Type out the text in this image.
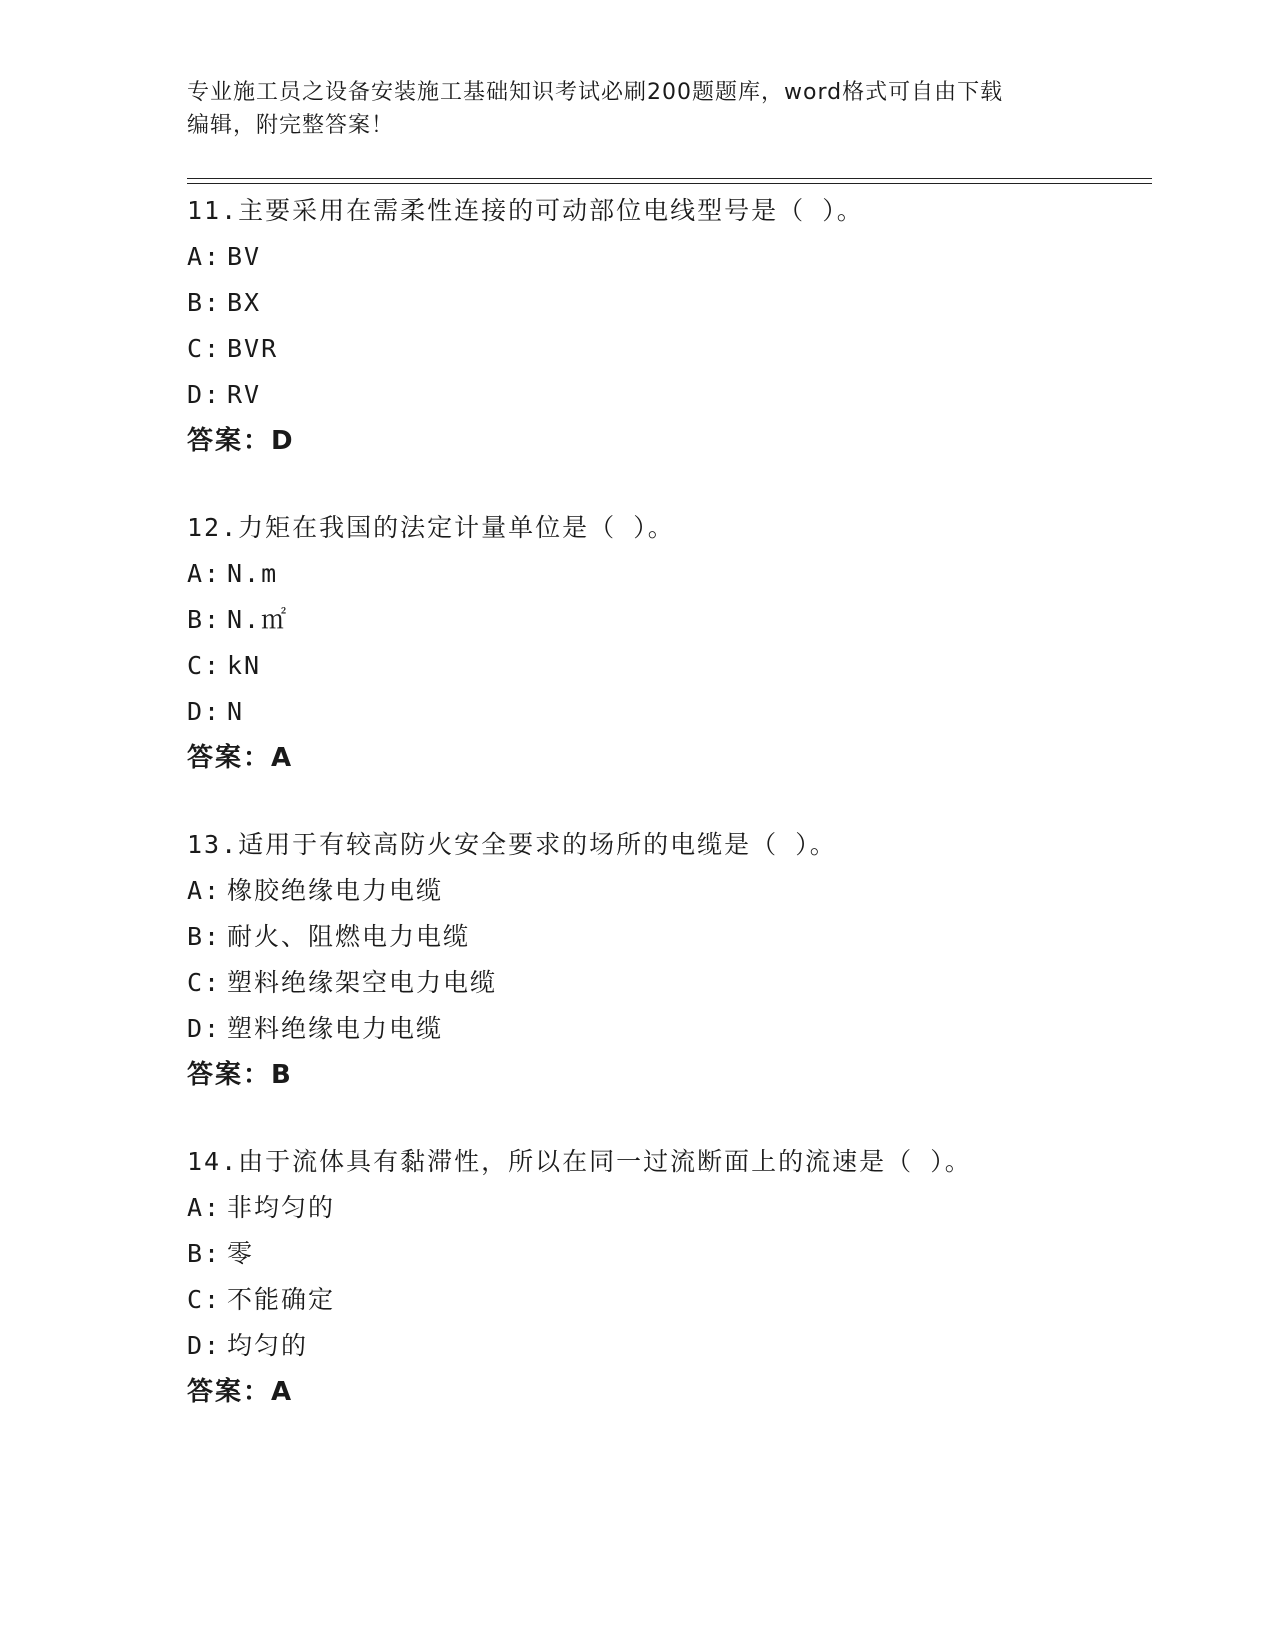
专业施工员之设备安装施工基础知识考试必刷200题题库，word格式可自由下载
编辑，附完整答案！
11.主要采用在需柔性连接的可动部位电线型号是（ ）。
A: BV
B: BX
C: BVR
D: RV
答案：D
12.力矩在我国的法定计量单位是（ ）。
A: N.m
B: N.㎡
C: kN
D: N
答案：A
13.适用于有较高防火安全要求的场所的电缆是（ ）。
A: 橡胶绝缘电力电缆
B: 耐火、阻燃电力电缆
C: 塑料绝缘架空电力电缆
D: 塑料绝缘电力电缆
答案：B
14.由于流体具有黏滞性，所以在同一过流断面上的流速是（ ）。
A: 非均匀的
B: 零
C: 不能确定
D: 均匀的
答案：A
